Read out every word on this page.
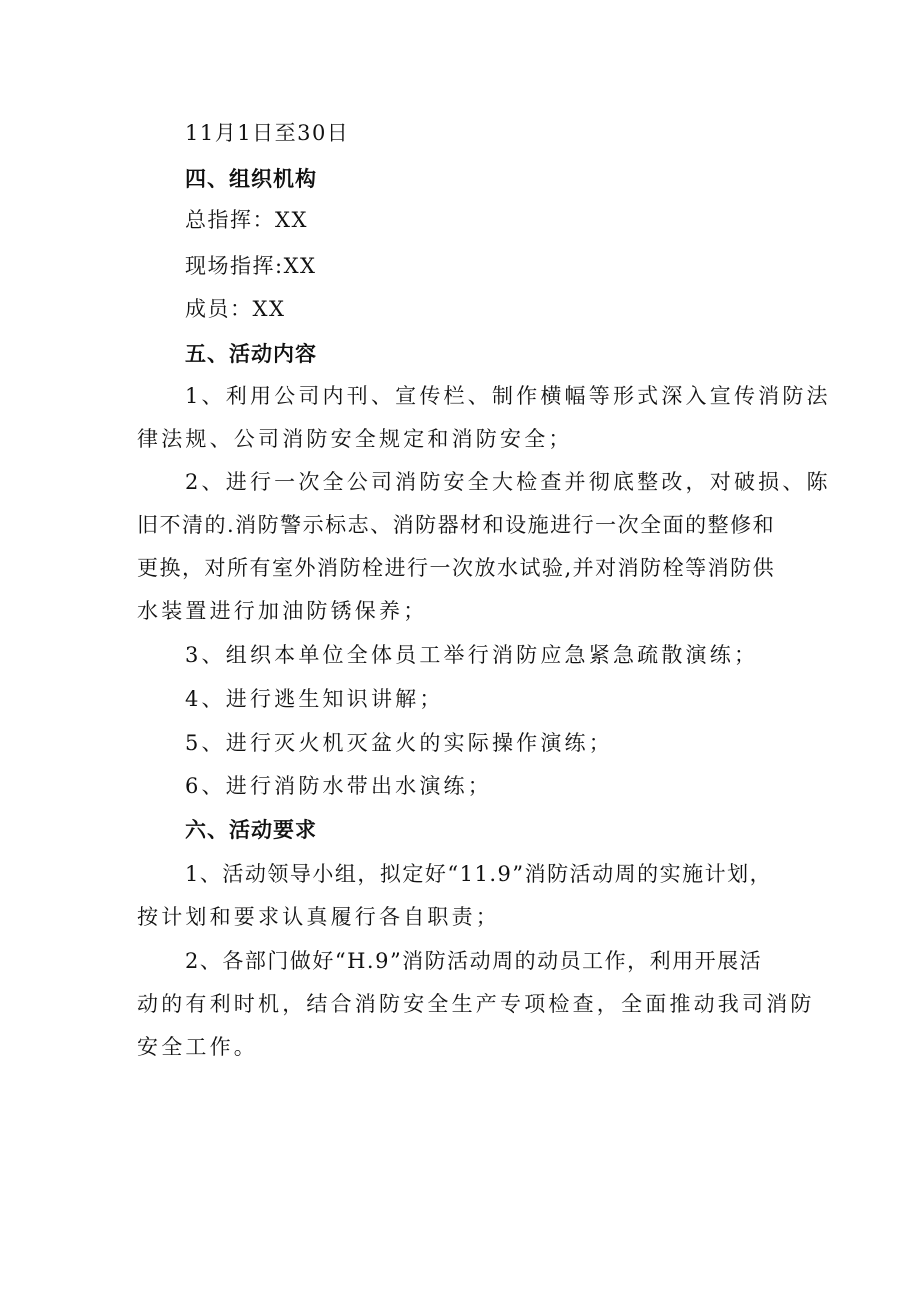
11月1日至30日
四、组织机构
总指挥：XX
现场指挥:XX
成员：XX
五、活动内容
1、利用公司内刊、宣传栏、制作横幅等形式深入宣传消防法
律法规、公司消防安全规定和消防安全；
2、进行一次全公司消防安全大检查并彻底整改，对破损、陈
旧不清的.消防警示标志、消防器材和设施进行一次全面的整修和
更换，对所有室外消防栓进行一次放水试验,并对消防栓等消防供
水装置进行加油防锈保养；
3、组织本单位全体员工举行消防应急紧急疏散演练；
4、进行逃生知识讲解；
5、进行灭火机灭盆火的实际操作演练；
6、进行消防水带出水演练；
六、活动要求
1、活动领导小组，拟定好“11.9”消防活动周的实施计划，
按计划和要求认真履行各自职责；
2、各部门做好“H.9”消防活动周的动员工作，利用开展活
动的有利时机，结合消防安全生产专项检查，全面推动我司消防
安全工作。
